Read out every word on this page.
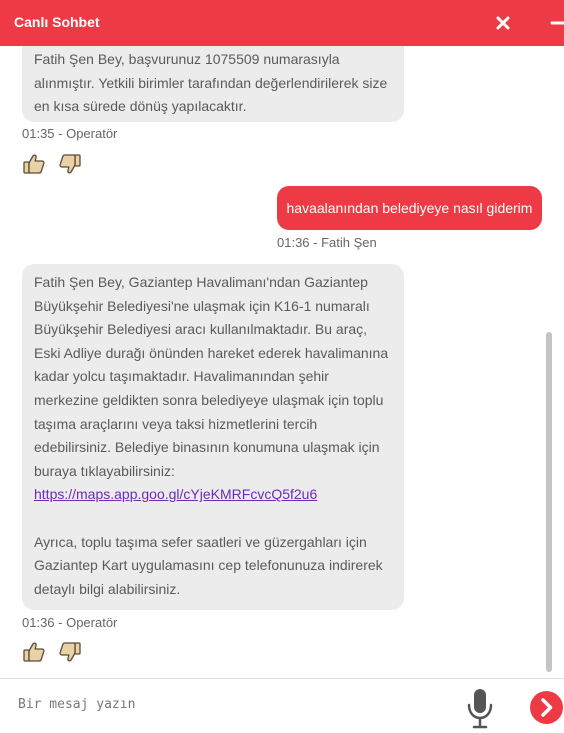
Canlı Sohbet

Fatih Şen Bey, başvurunuz 1075509 numarasıyla

alınmıştır. Yetkili birimler tarafından değerlendirilerek size

en kısa sürede dönüş yapılacaktır.

01:35 - Operatör
havaalanından belediyeye nasıl giderim
01:36 - Fatih Şen

Fatih Şen Bey, Gaziantep Havalimanı'ndan Gaziantep

Büyükşehir Belediyesi'ne ulaşmak için K16-1 numaralı

Büyükşehir Belediyesi aracı kullanılmaktadır. Bu araç,

Eski Adliye durağı önünden hareket ederek havalimanına

kadar yolcu taşımaktadır. Havalimanından şehir

merkezine geldikten sonra belediyeye ulaşmak için toplu

taşıma araçlarını veya taksi hizmetlerini tercih

edebilirsiniz. Belediye binasının konumuna ulaşmak için

buraya tıklayabilirsiniz:

https://maps.app.goo.gl/cYjeKMRFcvcQ5f2u6

Ayrıca, toplu taşıma sefer saatleri ve güzergahları için

Gaziantep Kart uygulamasını cep telefonunuza indirerek

detaylı bilgi alabilirsiniz.

01:36 - Operatör
Bir mesaj yazın
